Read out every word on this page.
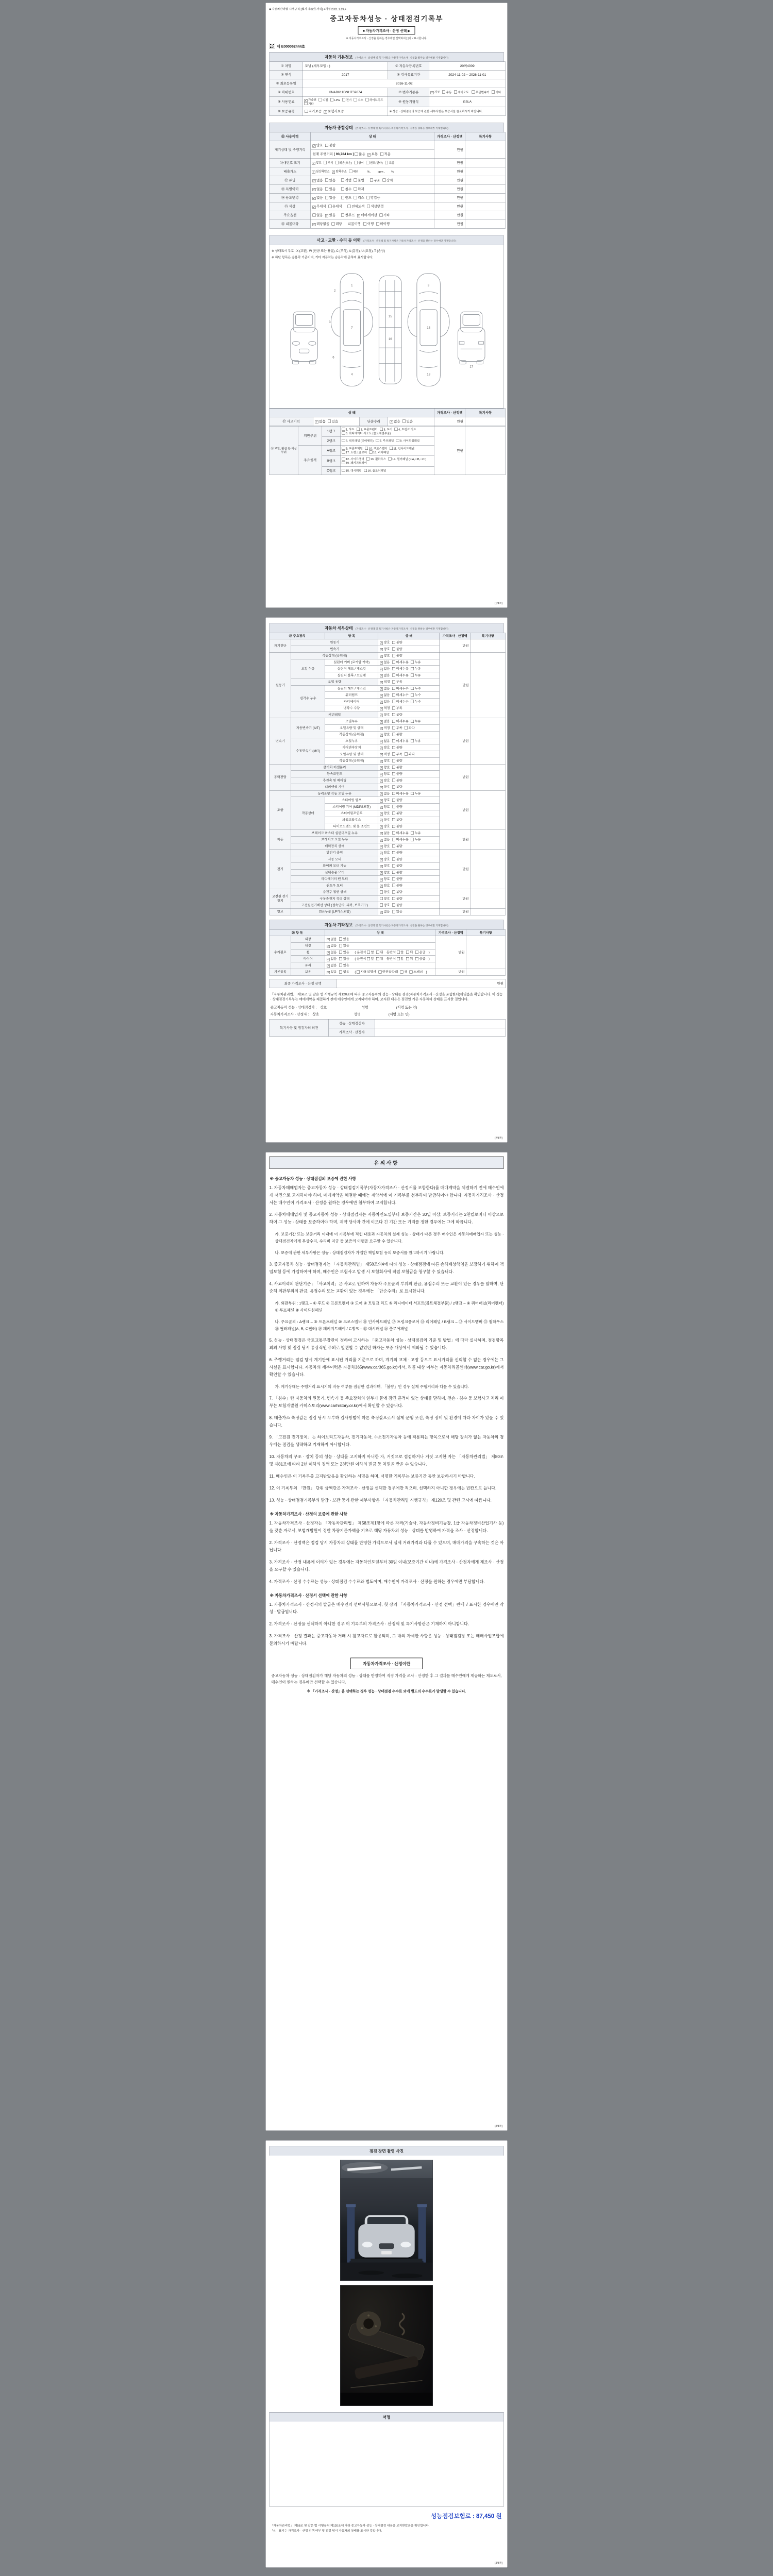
■ 자동차관리법 시행규칙 [별지 제82호서식] <개정 2021.1.19.>
중고자동차성능 · 상태점검기록부
■ 자동차가격조사 · 산정 선택 ▶
※ 자동차가격조사 · 산정을 원하는 경우에만 선택하여 [ ]에 √ 표시합니다.
제 E000062444호
자동차 기본정보 (가격조사 · 산정액 및 특기사항은 자동차가격조사 · 산정을 원하는 경우에만 기재합니다)
① 차명	모닝 (세부모델 : )	② 자동차등록번호	20머4009
③ 연식	2017	④ 검사유효기간	2024-11-02 ~ 2026-11-01
⑤ 최초등록일	2016-11-02		
⑥ 차대번호	KNAB611DNHT59074	⑦ 변속기종류	✓ 자동 수동 세미오토 무단변속기 기타
⑧ 사용연료	✓ 가솔린 디젤 LPG 전기 수소 하이브리드기타	⑨ 원동기형식	G3LA
⑩ 보증유형	자가보증 ✓ 보험사보증	※ 성능 · 상태점검의 보증에 관한 세부사항은 보증서를 참조하시기 바랍니다.	
자동차 종합상태 (가격조사 · 산정액 및 특기사항은 자동차가격조사 · 산정을 원하는 경우에만 기재합니다)
⑪ 사용이력	상 태	가격조사 · 산정액	특기사항
계기상태 및 주행거리	✓ 양호 불량	만원	
	현재 주행거리 [ 93,784 km ] 많음 ✓ 보통 적음		
차대번호 표기	✓ 양호 부식 훼손(오손) 상이 변조(변타) 도말	만원	
배출가스	✓ 일산화탄소 ✓ 탄화수소 매연　　 % ,　　 ppm ,　　 %	만원	
⑫ 튜닝	✓ 없음 있음　 적법 불법　 구조 장치	만원	
⑬ 특별이력	✓ 없음 있음　 침수 화재	만원	
⑭ 용도변경	✓ 없음 있음　 렌트 리스 영업용	만원	
⑮ 색상	✓ 무채색 유채색　 전체도색 색상변경	만원	
주요옵션	없음 ✓ 있음　 썬루프 ✓ 네비게이션 기타	만원	
⑯ 리콜대상	✓ 해당없음 해당　리콜이행 : 이행 미이행	만원	
사고 · 교환 · 수리 등 이력 (가격조사 · 산정액 및 특기사항은 자동차가격조사 · 산정을 원하는 경우에만 기재합니다)
※ 상태표시 부호 : X (교환), W (판금 또는 용접), C (부식), A (흠집), U (요철), T (손상)
※ 하단 항목은 승용차 기준이며, 기타 자동차는 승용차에 준하여 표시합니다.
1
7
4
2
3
6
15
16
9
13
18
17
상 태				가격조사 · 산정액	특기사항
⑰ 사고이력	✓ 없음 있음	단순수리	✓ 없음 있음	만원	
⑱ 교환, 판금 등 이상 부위	외판부위	1랭크	1. 후드 2. 프론트펜더 3. 도어 4. 트렁크 리드5. 라디에이터 서포트 (볼트체결부품)	만원	
		2랭크	6. 쿼터패널 (리어펜더) 7. 루프패널 8. 사이드실패널		
	주요골격	A랭크	9. 프론트패널 10. 크로스멤버 11. 인사이드패널17. 트렁크플로어 18. 리어패널		
		B랭크	12. 사이드멤버 13. 휠하우스 14. 필러패널 ( □A, □B, □C )19. 패키지트레이		
		C랭크	15. 대시패널 16. 플로어패널		
(1/4쪽)
자동차 세부상태 (가격조사 · 산정액 및 특기사항은 자동차가격조사 · 산정을 원하는 경우에만 기재합니다)
⑲ 주요장치		항 목	상 태	가격조사 · 산정액	특기사항
자기진단	원동기		✓ 양호 불량	만원	
	변속기		✓ 양호 불량		
원동기	작동상태 (공회전)		✓ 양호 불량	만원	
	오일 누유	실린더 커버 (로커암 커버)	✓ 없음 미세누유 누유		
		실린더 헤드 / 개스킷	✓ 없음 미세누유 누유		
		실린더 블록 / 오일팬	✓ 없음 미세누유 누유		
	오일 유량		✓ 적정 부족		
	냉각수 누수	실린더 헤드 / 개스킷	✓ 없음 미세누수 누수		
		워터펌프	✓ 없음 미세누수 누수		
		라디에이터	✓ 없음 미세누수 누수		
		냉각수 수량	✓ 적정 부족		
	커먼레일		✓ 양호 불량		
변속기	자동변속기 (A/T)	오일누유	✓ 없음 미세누유 누유	만원	
		오일유량 및 상태	✓ 적정 부족 과다		
		작동상태 (공회전)	✓ 양호 불량		
	수동변속기 (M/T)	오일누유	✓ 없음 미세누유 누유		
		기어변속장치	✓ 양호 불량		
		오일유량 및 상태	✓ 적정 부족 과다		
		작동상태 (공회전)	✓ 양호 불량		
동력전달	클러치 어셈블리		✓ 양호 불량	만원	
	등속조인트		✓ 양호 불량		
	추진축 및 베어링		✓ 양호 불량		
	디퍼렌셜 기어		✓ 양호 불량		
조향	동력조향 작동 오일 누유		✓ 없음 미세누유 누유	만원	
	작동상태	스티어링 펌프	✓ 양호 불량		
		스티어링 기어 (MDPS포함)	✓ 양호 불량		
		스티어링조인트	✓ 양호 불량		
		파워고압호스	✓ 양호 불량		
		타이로드엔드 및 볼 조인트	✓ 양호 불량		
제동	브레이크 마스터 실린더오일 누유		✓ 없음 미세누유 누유	만원	
	브레이크 오일 누유		✓ 없음 미세누유 누유		
	배력장치 상태		✓ 양호 불량		
전기	발전기 출력		✓ 양호 불량	만원	
	시동 모터		✓ 양호 불량		
	와이퍼 모터 기능		✓ 양호 불량		
	실내송풍 모터		✓ 양호 불량		
	라디에이터 팬 모터		✓ 양호 불량		
	윈도우 모터		✓ 양호 불량		
고전원 전기장치	충전구 절연 상태		양호 불량	만원	
	구동축전지 격리 상태		양호 불량		
	고전원전기배선 상태 (접속단자, 피복, 보호기구)		양호 불량		
연료	연료누출 (LP가스포함)		✓ 없음 있음	만원	
자동차 기타정보 (가격조사 · 산정액 및 특기사항은 자동차가격조사 · 산정을 원하는 경우에만 기재합니다)
⑳ 항 목		상 태	가격조사 · 산정액	특기사항
수리필요	외장	✓ 없음 있음	만원	
	내장	✓ 없음 있음		
	휠	✓ 없음 있음　( 운전석 앞 뒤 동반석 앞 뒤 응급 )		
	타이어	✓ 없음 있음　( 운전석 앞 뒤 동반석 앞 뒤 응급 )		
	유리	✓ 없음 있음		
기본품목	보유	✓ 있음 없음　( 사용설명서 안전삼각대 잭 스패너 )	만원	
최종 가격조사 · 산정 금액	만원
「자동차관리법」 제58조 및 같은 법 시행규칙 제120조에 따라 중고자동차의 성능 · 상태를 점검(자동차가격조사 · 산정을 포함한다)하였음을 확인합니다. 이 성능 · 상태점검기록부는 매매계약을 체결하기 전에 매수인에게 고지되어야 하며, 고지된 내용은 점검일 기준 자동차의 상태를 표시한 것입니다.
중고자동차 성능 · 상태점검자 :　상호　　　　　　　　　　성명　　　　　　　　(서명 또는 인)
자동차가격조사 · 산정자 :　상호　　　　　　　　　　성명　　　　　　　　(서명 또는 인)
특기사항 및 점검자의 의견	성능 · 상태점검자	
	가격조사 · 산정자	
(2/4쪽)
유의사항
※ 중고자동차 성능 · 상태점검의 보증에 관한 사항
1. 자동차매매업자는 중고자동차 성능 · 상태점검기록부(자동차가격조사 · 산정서를 포함한다)를 매매계약을 체결하기 전에 매수인에게 서면으로 고지하여야 하며, 매매계약을 체결한 때에는 계약서에 이 기록부를 첨부하여 발급하여야 합니다. 자동차가격조사 · 산정서는 매수인이 가격조사 · 산정을 원하는 경우에만 첨부하여 고지합니다.
2. 자동차매매업자 및 중고자동차 성능 · 상태점검자는 자동차인도일부터 보증기간은 30일 이상, 보증거리는 2천킬로미터 이상으로 하여 그 성능 · 상태를 보증하여야 하며, 계약 당사자 간에 이보다 긴 기간 또는 거리를 정한 경우에는 그에 따릅니다.
가. 보증기간 또는 보증거리 이내에 이 기록부에 적힌 내용과 자동차의 실제 성능 · 상태가 다른 경우 매수인은 자동차매매업자 또는 성능 · 상태점검자에게 무상수리, 수리비 지급 등 보증의 이행을 요구할 수 있습니다.
나. 보증에 관한 세부사항은 성능 · 상태점검자가 가입한 책임보험 등의 보증서를 참고하시기 바랍니다.
3. 중고자동차 성능 · 상태점검자는 「자동차관리법」 제58조의4에 따라 성능 · 상태점검에 따른 손해배상책임을 보장하기 위하여 책임보험 등에 가입하여야 하며, 매수인은 보험사고 발생 시 보험회사에 직접 보험금을 청구할 수 있습니다.
4. 사고이력의 판단기준 : 「사고이력」은 사고로 인하여 자동차 주요골격 부위의 판금, 용접수리 또는 교환이 있는 경우를 말하며, 단순히 외판부위의 판금, 용접수리 또는 교환이 있는 경우에는 「단순수리」로 표시합니다.
가. 외판부위 : 1랭크 – ① 후드 ② 프론트펜더 ③ 도어 ④ 트렁크 리드 ⑤ 라디에이터 서포트(볼트체결부품) / 2랭크 – ⑥ 쿼터패널(리어펜더) ⑦ 루프패널 ⑧ 사이드실패널
나. 주요골격 : A랭크 – ⑨ 프론트패널 ⑩ 크로스멤버 ⑪ 인사이드패널 ⑰ 트렁크플로어 ⑱ 리어패널 / B랭크 – ⑫ 사이드멤버 ⑬ 휠하우스 ⑭ 필러패널(A, B, C필러) ⑲ 패키지트레이 / C랭크 – ⑮ 대시패널 ⑯ 플로어패널
5. 성능 · 상태점검은 국토교통부장관이 정하여 고시하는 「중고자동차 성능 · 상태점검의 기준 및 방법」에 따라 실시하며, 점검항목 외의 사항 및 점검 당시 통상적인 주의로 발견할 수 없었던 하자는 보증 대상에서 제외될 수 있습니다.
6. 주행거리는 점검 당시 계기판에 표시된 거리를 기준으로 하며, 계기의 교체 · 고장 등으로 표시거리를 신뢰할 수 없는 경우에는 그 사실을 표시합니다. 자동차의 세부이력은 자동차365(www.car365.go.kr)에서, 리콜 대상 여부는 자동차리콜센터(www.car.go.kr)에서 확인할 수 있습니다.
가. 계기상태는 주행거리 표시기의 작동 여부를 점검한 결과이며, 「불량」인 경우 실제 주행거리와 다를 수 있습니다.
7. 「침수」란 자동차의 원동기, 변속기 등 주요장치의 일부가 물에 잠긴 흔적이 있는 상태를 말하며, 전손 · 침수 등 보험사고 처리 여부는 보험개발원 카히스토리(www.carhistory.or.kr)에서 확인할 수 있습니다.
8. 배출가스 측정값은 점검 당시 무부하 검사방법에 따른 측정값으로서 실제 운행 조건, 측정 장비 및 환경에 따라 차이가 있을 수 있습니다.
9. 「고전원 전기장치」는 하이브리드자동차, 전기자동차, 수소전기자동차 등에 적용되는 항목으로서 해당 장치가 없는 자동차의 경우에는 점검을 생략하고 기재하지 아니합니다.
10. 자동차의 구조 · 장치 등의 성능 · 상태를 고지하지 아니한 자, 거짓으로 점검하거나 거짓 고지한 자는 「자동차관리법」 제80조 및 제81조에 따라 2년 이하의 징역 또는 2천만원 이하의 벌금 등 처벌을 받을 수 있습니다.
11. 매수인은 이 기록부를 고지받았음을 확인하는 서명을 하며, 서명한 기록부는 보증기간 동안 보관하시기 바랍니다.
12. 이 기록부의 「만원」 단위 금액란은 가격조사 · 산정을 선택한 경우에만 적으며, 선택하지 아니한 경우에는 빈칸으로 둡니다.
13. 성능 · 상태점검기록부의 발급 · 보관 등에 관한 세부사항은 「자동차관리법 시행규칙」 제120조 및 관련 고시에 따릅니다.
※ 자동차가격조사 · 산정의 보증에 관한 사항
1. 자동차가격조사 · 산정자는 「자동차관리법」 제58조제1항에 따른 자격(기술사, 자동차정비기능장, 1급 자동차정비산업기사 등)을 갖춘 자로서, 보험개발원이 정한 차량기준가액을 기초로 해당 자동차의 성능 · 상태를 반영하여 가격을 조사 · 산정합니다.
2. 가격조사 · 산정액은 점검 당시 자동차의 상태를 반영한 가액으로서 실제 거래가격과 다를 수 있으며, 매매가격을 구속하는 것은 아닙니다.
3. 가격조사 · 산정 내용에 이의가 있는 경우에는 자동차인도일부터 30일 이내(보증기간 이내)에 가격조사 · 산정자에게 재조사 · 산정을 요구할 수 있습니다.
4. 가격조사 · 산정 수수료는 성능 · 상태점검 수수료와 별도이며, 매수인이 가격조사 · 산정을 원하는 경우에만 부담합니다.
※ 자동차가격조사 · 산정서 선택에 관한 사항
1. 자동차가격조사 · 산정서의 발급은 매수인의 선택사항으로서, 첫 장의 「자동차가격조사 · 산정 선택」란에 √ 표시한 경우에만 작성 · 발급됩니다.
2. 가격조사 · 산정을 선택하지 아니한 경우 이 기록부의 가격조사 · 산정액 및 특기사항란은 기재하지 아니합니다.
3. 가격조사 · 산정 결과는 중고자동차 거래 시 참고자료로 활용되며, 그 밖의 자세한 사항은 성능 · 상태점검장 또는 매매사업조합에 문의하시기 바랍니다.
자동차가격조사 · 산정이란
중고자동차 성능 · 상태점검자가 해당 자동차의 성능 · 상태를 반영하여 적정 가격을 조사 · 산정한 후 그 결과를 매수인에게 제공하는 제도로서, 매수인이 원하는 경우에만 선택할 수 있습니다.
※ 「가격조사 · 산정」을 선택하는 경우 성능 · 상태점검 수수료 외에 별도의 수수료가 발생할 수 있습니다.
(3/4쪽)
점검 장면 촬영 사진
서명
성능점검보험료 : 87,450 원
「자동차관리법」 제58조 및 같은 법 시행규칙 제120조에 따라 중고자동차 성능 · 상태점검 내용을 고지받았음을 확인합니다.
「√」 표시는 가격조사 · 산정 선택 여부 및 점검 당시 자동차의 상태를 표시한 것입니다.
(4/4쪽)
